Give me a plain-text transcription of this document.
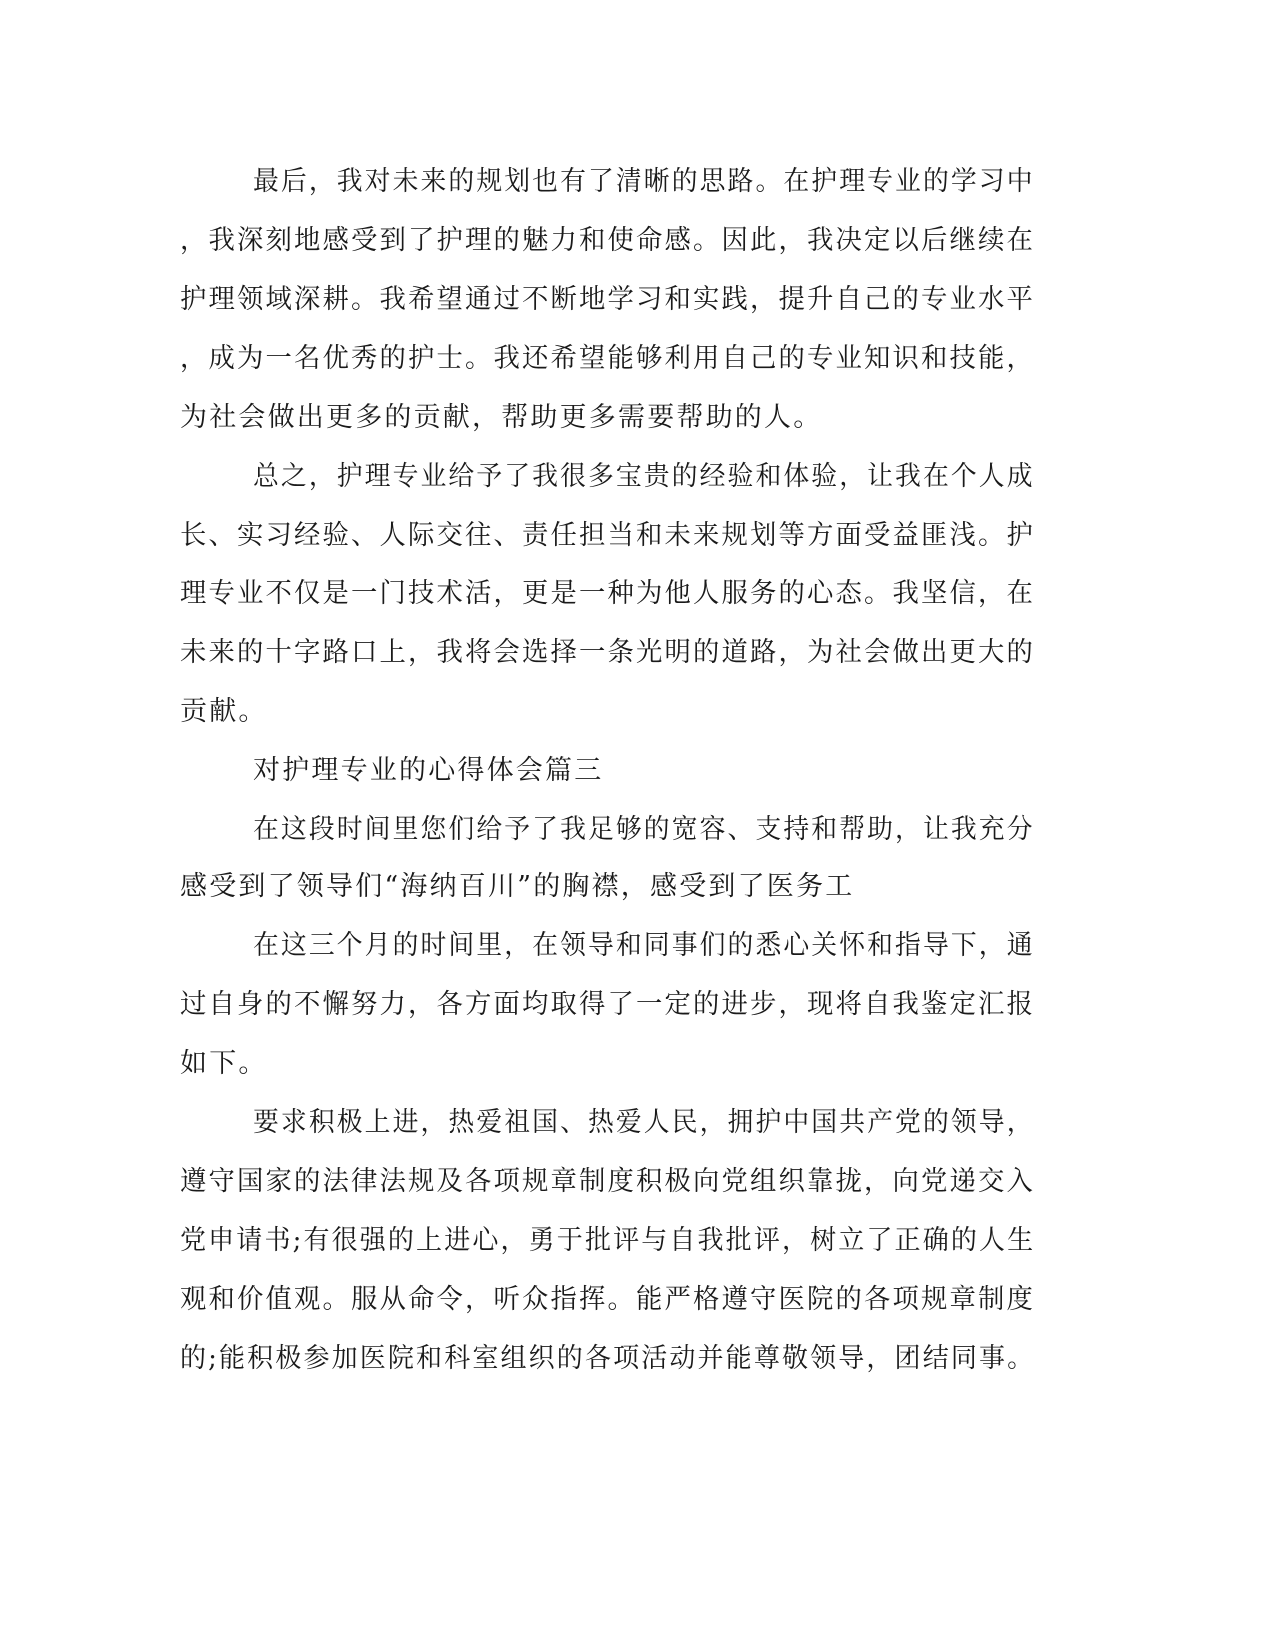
最后，我对未来的规划也有了清晰的思路。在护理专业的学习中
，我深刻地感受到了护理的魅力和使命感。因此，我决定以后继续在
护理领域深耕。我希望通过不断地学习和实践，提升自己的专业水平
，成为一名优秀的护士。我还希望能够利用自己的专业知识和技能，
为社会做出更多的贡献，帮助更多需要帮助的人。
总之，护理专业给予了我很多宝贵的经验和体验，让我在个人成
长、实习经验、人际交往、责任担当和未来规划等方面受益匪浅。护
理专业不仅是一门技术活，更是一种为他人服务的心态。我坚信，在
未来的十字路口上，我将会选择一条光明的道路，为社会做出更大的
贡献。
对护理专业的心得体会篇三
在这段时间里您们给予了我足够的宽容、支持和帮助，让我充分
感受到了领导们“海纳百川”的胸襟，感受到了医务工
在这三个月的时间里，在领导和同事们的悉心关怀和指导下，通
过自身的不懈努力，各方面均取得了一定的进步，现将自我鉴定汇报
如下。
要求积极上进，热爱祖国、热爱人民，拥护中国共产党的领导，
遵守国家的法律法规及各项规章制度积极向党组织靠拢，向党递交入
党申请书;有很强的上进心，勇于批评与自我批评，树立了正确的人生
观和价值观。服从命令，听众指挥。能严格遵守医院的各项规章制度
的;能积极参加医院和科室组织的各项活动并能尊敬领导，团结同事。
